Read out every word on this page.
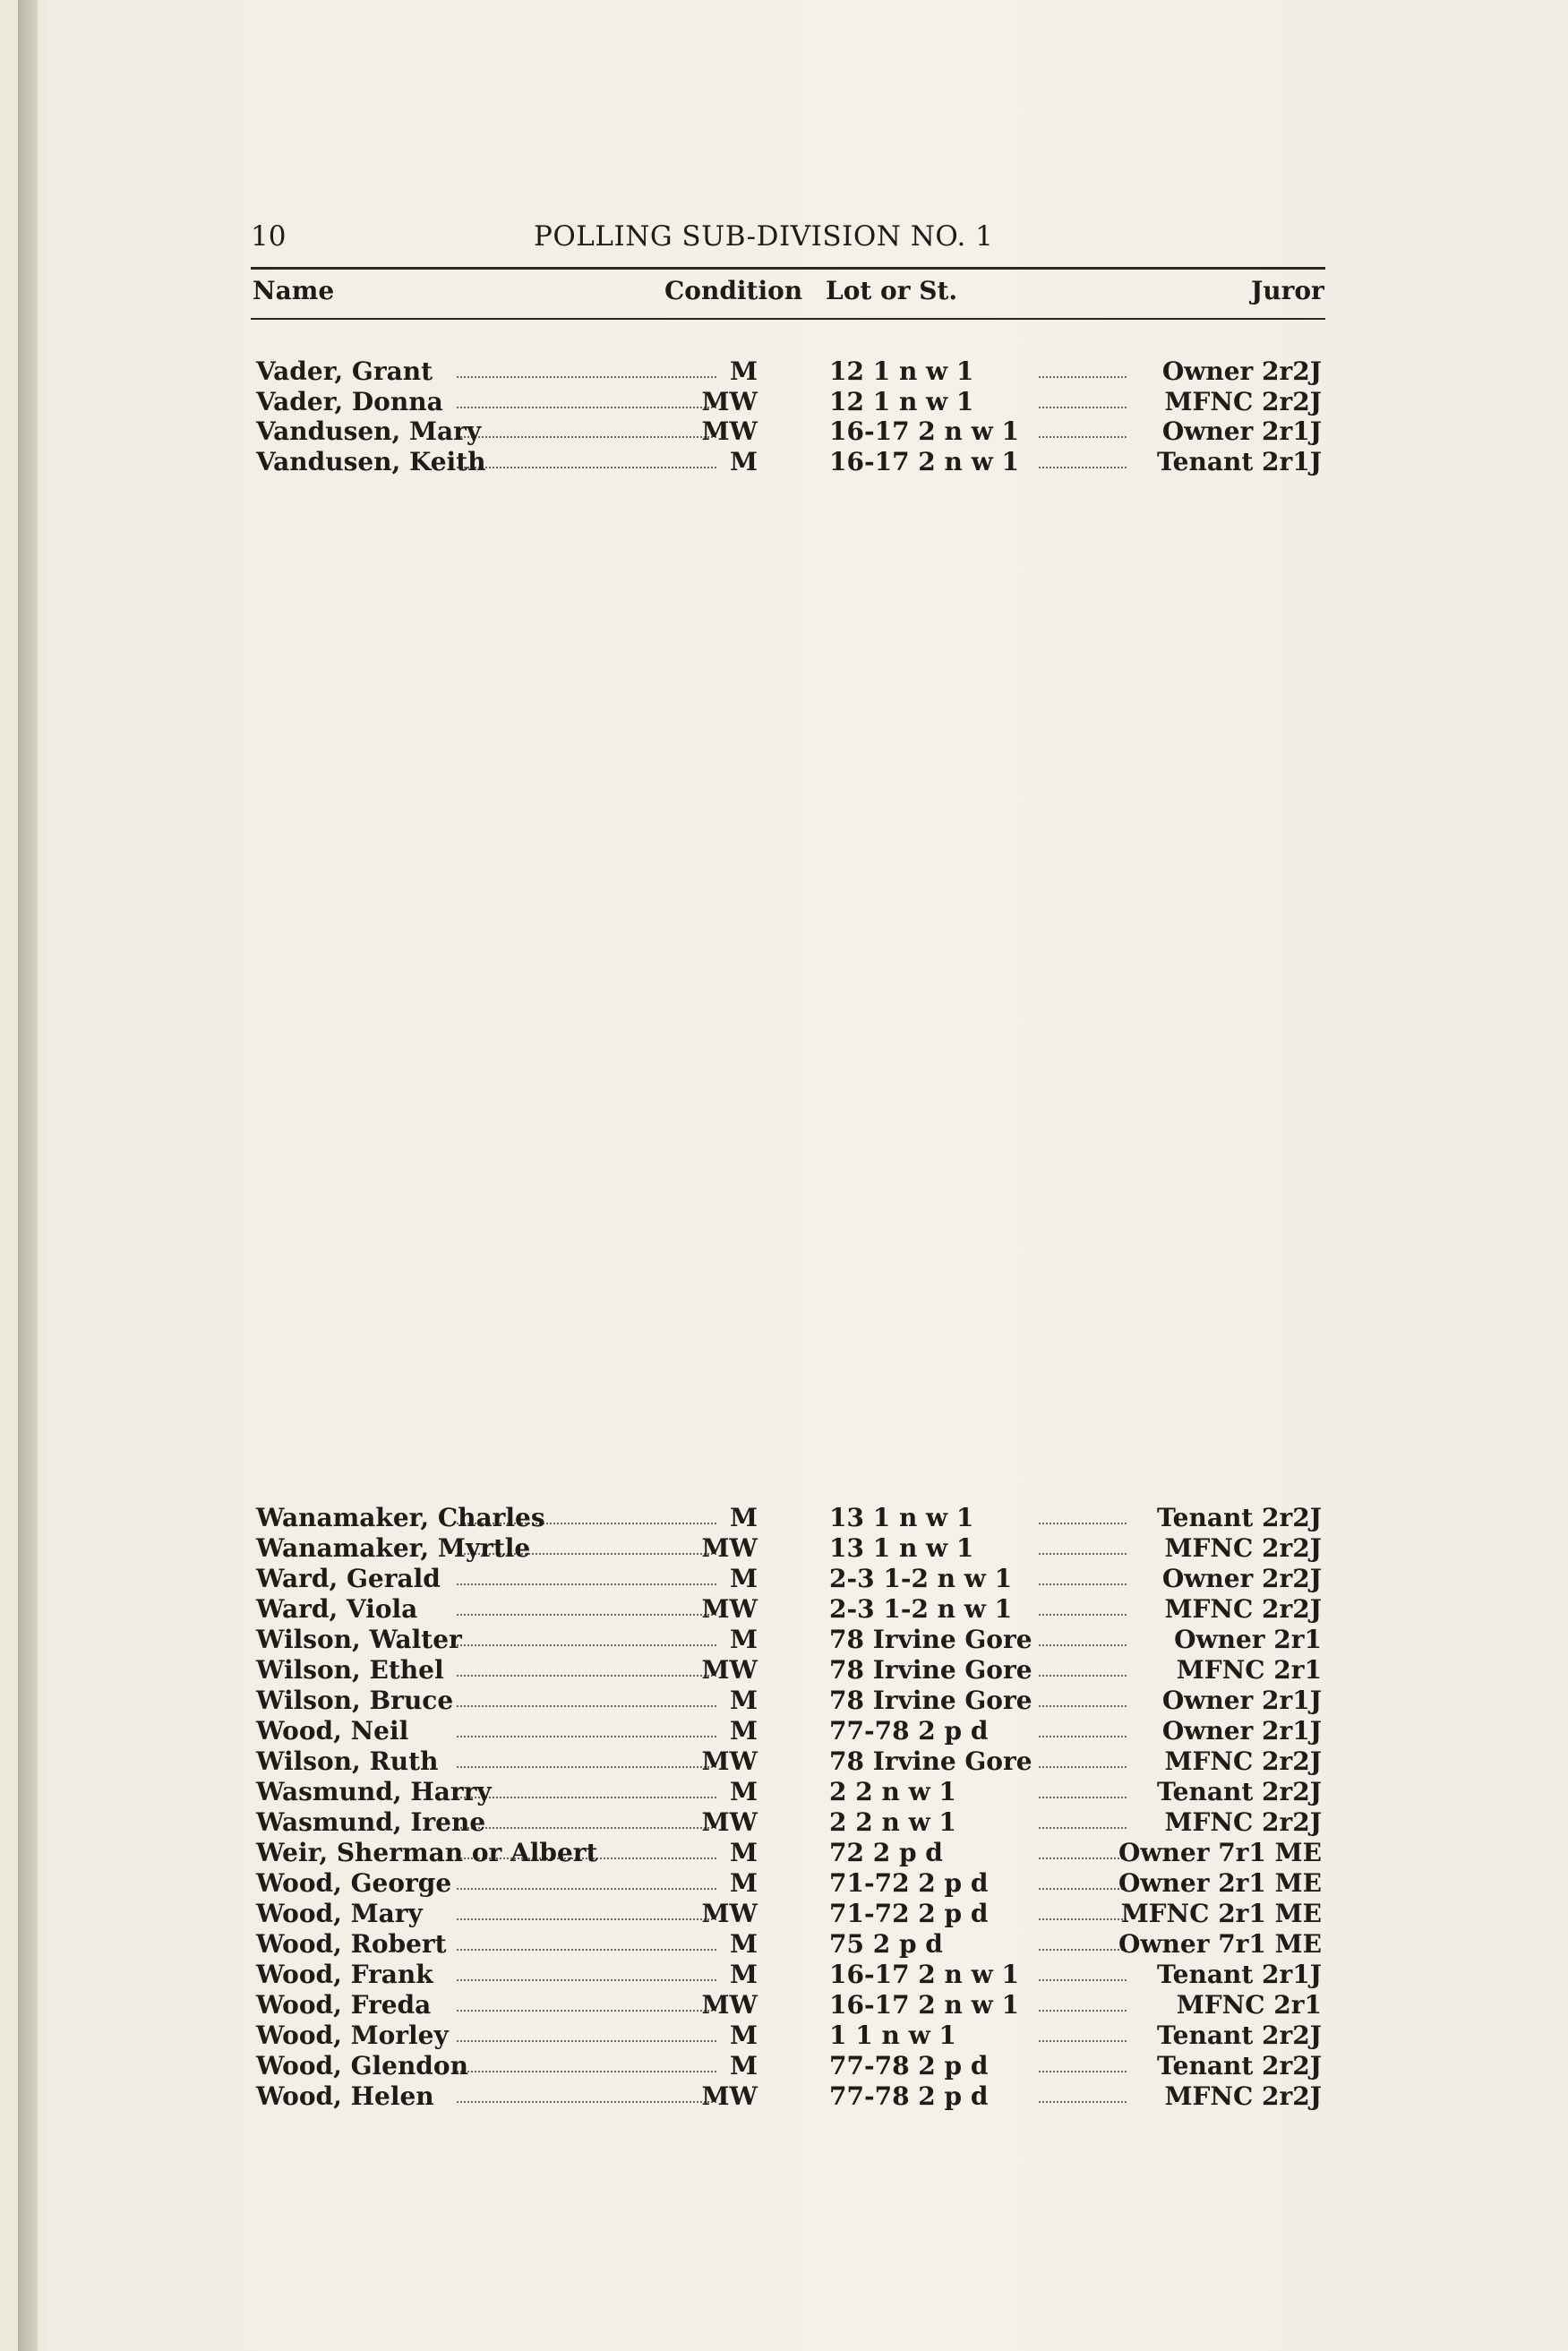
10	POLLING SUB-DIVISION NO. 1
Name	Condition Lot or St.	Juror
Vader, Grant	M	12 1 n w 1	Owner 2r2J
Vader, Donna	MW	12 1 n w 1	MFNC 2r2J
Vandusen, Mary	MW	16-17 2 n w 1	Owner 2r1J
Vandusen, Keith	M	16-17 2 n w 1	Tenant 2r1J
Wanamaker, Charles	M	13 1 n w 1	Tenant 2r2J
Wanamaker, Myrtle	MW	13 1 n w 1	MFNC 2r2J
Ward, Gerald	M	2-3 1-2 n w 1	Owner 2r2J
Ward, Viola	MW	2-3 1-2 n w 1	MFNC 2r2J
Wilson, Walter	M	78 Irvine Gore	Owner 2r1
Wilson, Ethel	MW	78 Irvine Gore	MFNC 2r1
Wilson, Bruce	M	78 Irvine Gore	Owner 2r1J
Wood, Neil	M	77-78 2 p d	Owner 2r1J
Wilson, Ruth	MW	78 Irvine Gore	MFNC 2r2J
Wasmund, Harry	M	2 2 n w 1	Tenant 2r2J
Wasmund, Irene	MW	2 2 n w 1	MFNC 2r2J
Weir, Sherman or Albert	M	72 2 p d	Owner 7r1 ME
Wood, George	M	71-72 2 p d	Owner 2r1 ME
Wood, Mary	MW	71-72 2 p d	MFNC 2r1 ME
Wood, Robert	M	75 2 p d	Owner 7r1 ME
Wood, Frank	M	16-17 2 n w 1	Tenant 2r1J
Wood, Freda	MW	16-17 2 n w 1	MFNC 2r1
Wood, Morley	M	1 1 n w 1	Tenant 2r2J
Wood, Glendon	M	77-78 2 p d	Tenant 2r2J
Wood, Helen	MW	77-78 2 p d	MFNC 2r2J
